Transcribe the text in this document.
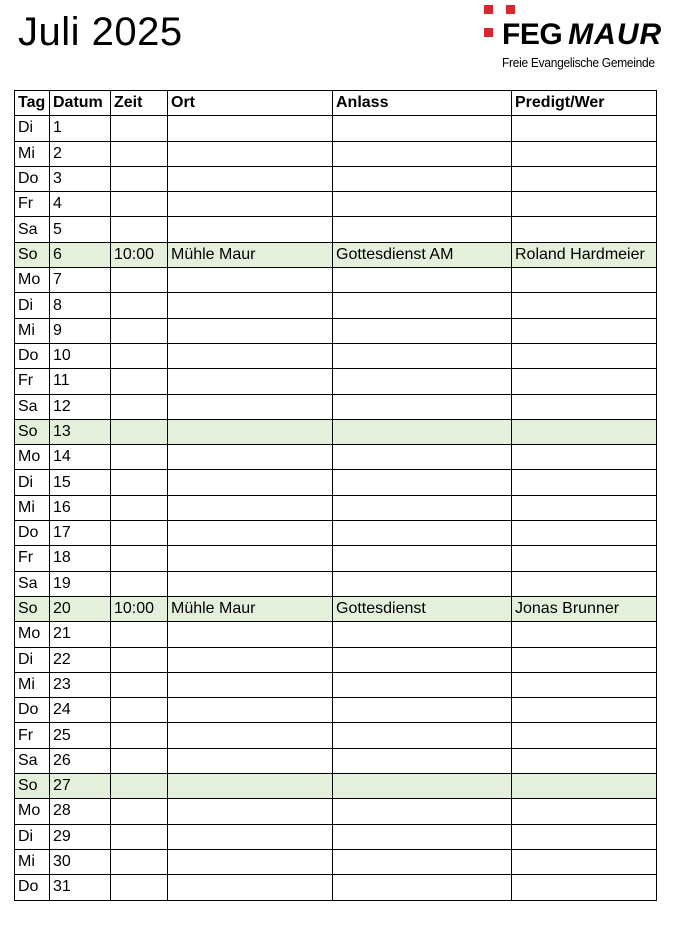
Juli 2025	FEG MAUR
Freie Evangelische Gemeinde
Tag	Datum	Zeit	Ort	Anlass	Predigt/Wer
Di	1				
Mi	2				
Do	3				
Fr	4				
Sa	5				
So	6	10:00	Mühle Maur	Gottesdienst AM	Roland Hardmeier
Mo	7				
Di	8				
Mi	9				
Do	10				
Fr	11				
Sa	12				
So	13				
Mo	14				
Di	15				
Mi	16				
Do	17				
Fr	18				
Sa	19				
So	20	10:00	Mühle Maur	Gottesdienst	Jonas Brunner
Mo	21				
Di	22				
Mi	23				
Do	24				
Fr	25				
Sa	26				
So	27				
Mo	28				
Di	29				
Mi	30				
Do	31				
